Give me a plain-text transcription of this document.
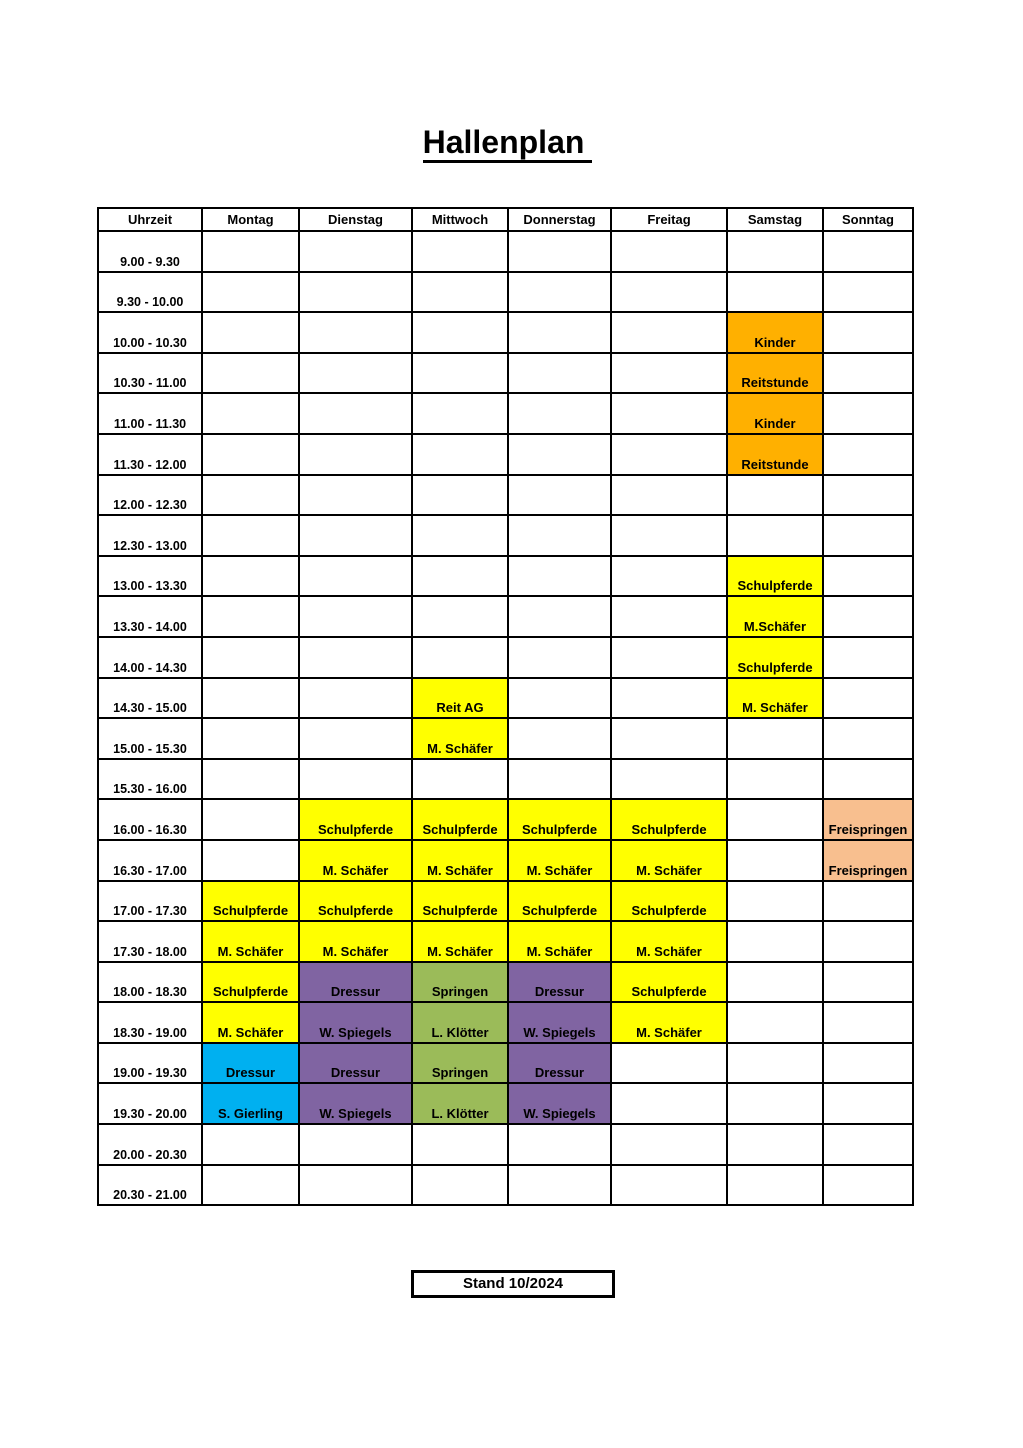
Hallenplan
Uhrzeit	Montag	Dienstag	Mittwoch	Donnerstag	Freitag	Samstag	Sonntag
9.00 - 9.30							
9.30 - 10.00							
10.00 - 10.30						Kinder	
10.30 - 11.00						Reitstunde	
11.00 - 11.30						Kinder	
11.30 - 12.00						Reitstunde	
12.00 - 12.30							
12.30 - 13.00							
13.00 - 13.30						Schulpferde	
13.30 - 14.00						M.Schäfer	
14.00 - 14.30						Schulpferde	
14.30 - 15.00			Reit AG			M. Schäfer	
15.00 - 15.30			M. Schäfer				
15.30 - 16.00							
16.00 - 16.30		Schulpferde	Schulpferde	Schulpferde	Schulpferde		Freispringen
16.30 - 17.00		M. Schäfer	M. Schäfer	M. Schäfer	M. Schäfer		Freispringen
17.00 - 17.30	Schulpferde	Schulpferde	Schulpferde	Schulpferde	Schulpferde		
17.30 - 18.00	M. Schäfer	M. Schäfer	M. Schäfer	M. Schäfer	M. Schäfer		
18.00 - 18.30	Schulpferde	Dressur	Springen	Dressur	Schulpferde		
18.30 - 19.00	M. Schäfer	W. Spiegels	L. Klötter	W. Spiegels	M. Schäfer		
19.00 - 19.30	Dressur	Dressur	Springen	Dressur			
19.30 - 20.00	S. Gierling	W. Spiegels	L. Klötter	W. Spiegels			
20.00 - 20.30							
20.30 - 21.00							
Stand 10/2024
